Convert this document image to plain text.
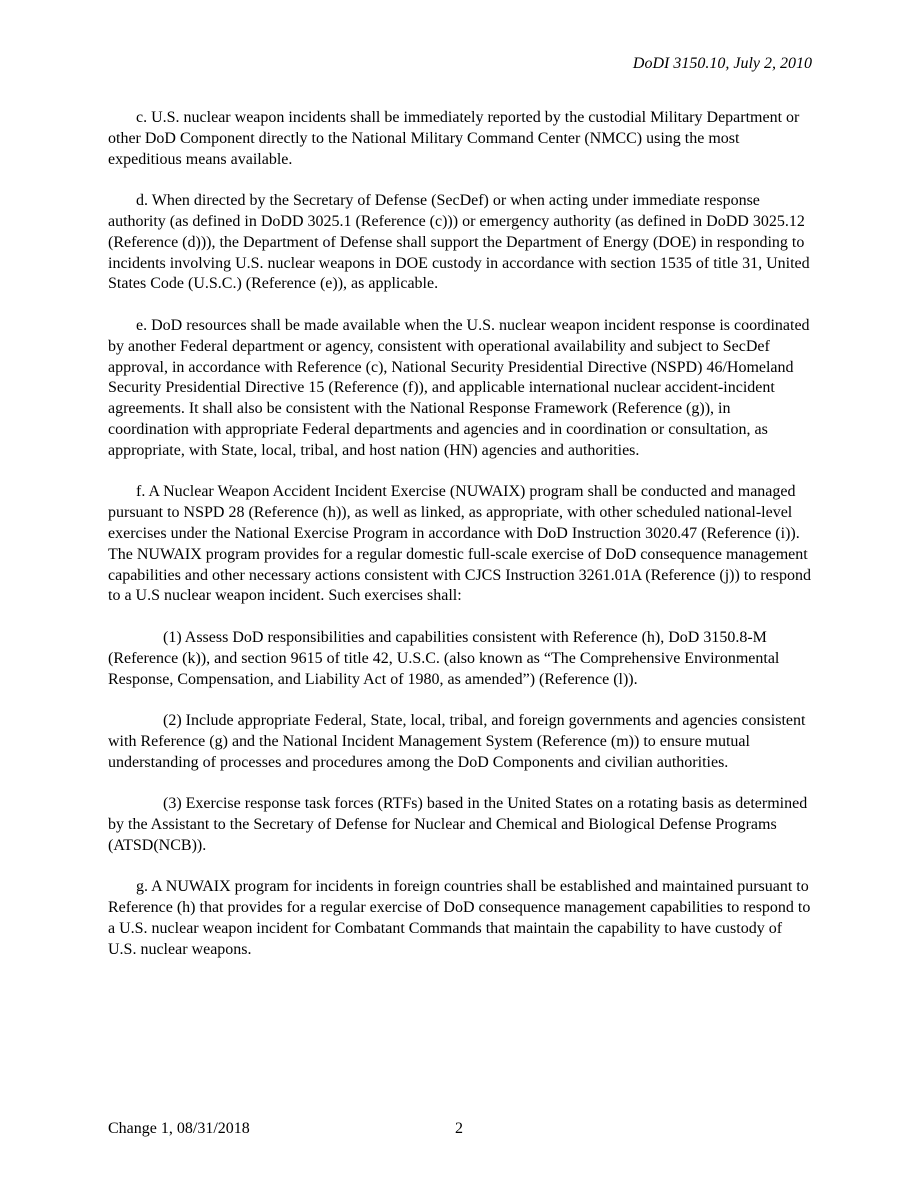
DoDI 3150.10, July 2, 2010

c. U.S. nuclear weapon incidents shall be immediately reported by the custodial Military Department or other DoD Component directly to the National Military Command Center (NMCC) using the most expeditious means available.

d. When directed by the Secretary of Defense (SecDef) or when acting under immediate response authority (as defined in DoDD 3025.1 (Reference (c))) or emergency authority (as defined in DoDD 3025.12 (Reference (d))), the Department of Defense shall support the Department of Energy (DOE) in responding to incidents involving U.S. nuclear weapons in DOE custody in accordance with section 1535 of title 31, United States Code (U.S.C.) (Reference (e)), as applicable.

e. DoD resources shall be made available when the U.S. nuclear weapon incident response is coordinated by another Federal department or agency, consistent with operational availability and subject to SecDef approval, in accordance with Reference (c), National Security Presidential Directive (NSPD) 46/Homeland Security Presidential Directive 15 (Reference (f)), and applicable international nuclear accident-incident agreements. It shall also be consistent with the National Response Framework (Reference (g)), in coordination with appropriate Federal departments and agencies and in coordination or consultation, as appropriate, with State, local, tribal, and host nation (HN) agencies and authorities.

f. A Nuclear Weapon Accident Incident Exercise (NUWAIX) program shall be conducted and managed pursuant to NSPD 28 (Reference (h)), as well as linked, as appropriate, with other scheduled national-level exercises under the National Exercise Program in accordance with DoD Instruction 3020.47 (Reference (i)). The NUWAIX program provides for a regular domestic full-scale exercise of DoD consequence management capabilities and other necessary actions consistent with CJCS Instruction 3261.01A (Reference (j)) to respond to a U.S nuclear weapon incident. Such exercises shall:

(1) Assess DoD responsibilities and capabilities consistent with Reference (h), DoD 3150.8-M (Reference (k)), and section 9615 of title 42, U.S.C. (also known as “The Comprehensive Environmental Response, Compensation, and Liability Act of 1980, as amended”) (Reference (l)).

(2) Include appropriate Federal, State, local, tribal, and foreign governments and agencies consistent with Reference (g) and the National Incident Management System (Reference (m)) to ensure mutual understanding of processes and procedures among the DoD Components and civilian authorities.

(3) Exercise response task forces (RTFs) based in the United States on a rotating basis as determined by the Assistant to the Secretary of Defense for Nuclear and Chemical and Biological Defense Programs (ATSD(NCB)).

g. A NUWAIX program for incidents in foreign countries shall be established and maintained pursuant to Reference (h) that provides for a regular exercise of DoD consequence management capabilities to respond to a U.S. nuclear weapon incident for Combatant Commands that maintain the capability to have custody of U.S. nuclear weapons.

Change 1, 08/31/2018	2
